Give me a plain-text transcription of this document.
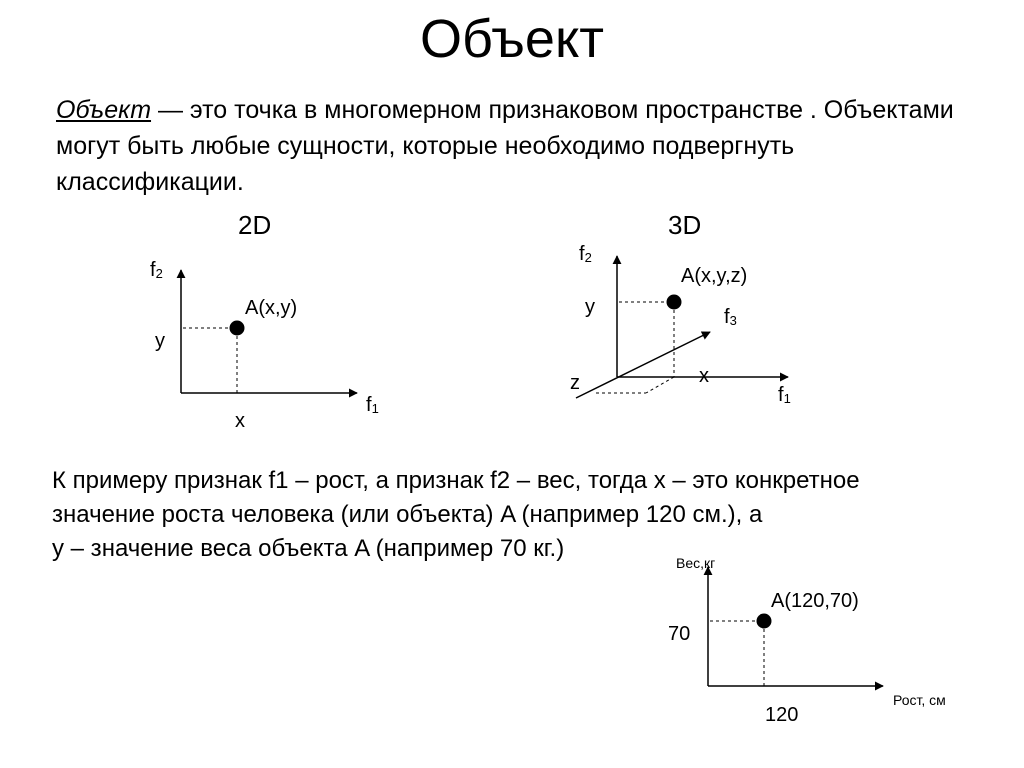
Объект
Объект — это точка в многомерном признаковом пространстве . Объектами могут быть любые сущности, которые необходимо подвергнуть классификации.
2D	3D
f2
f1
A(x,y)
y
x
f2
f1
f3
A(x,y,z)
y
x
z
Вес,кг
Рост, см
A(120,70)
70
120
К примеру признак f1 – рост, а признак f2 – вес, тогда x – это конкретное
значение роста человека (или объекта) A (например 120 см.), а
y – значение веса объекта A (например 70 кг.)
